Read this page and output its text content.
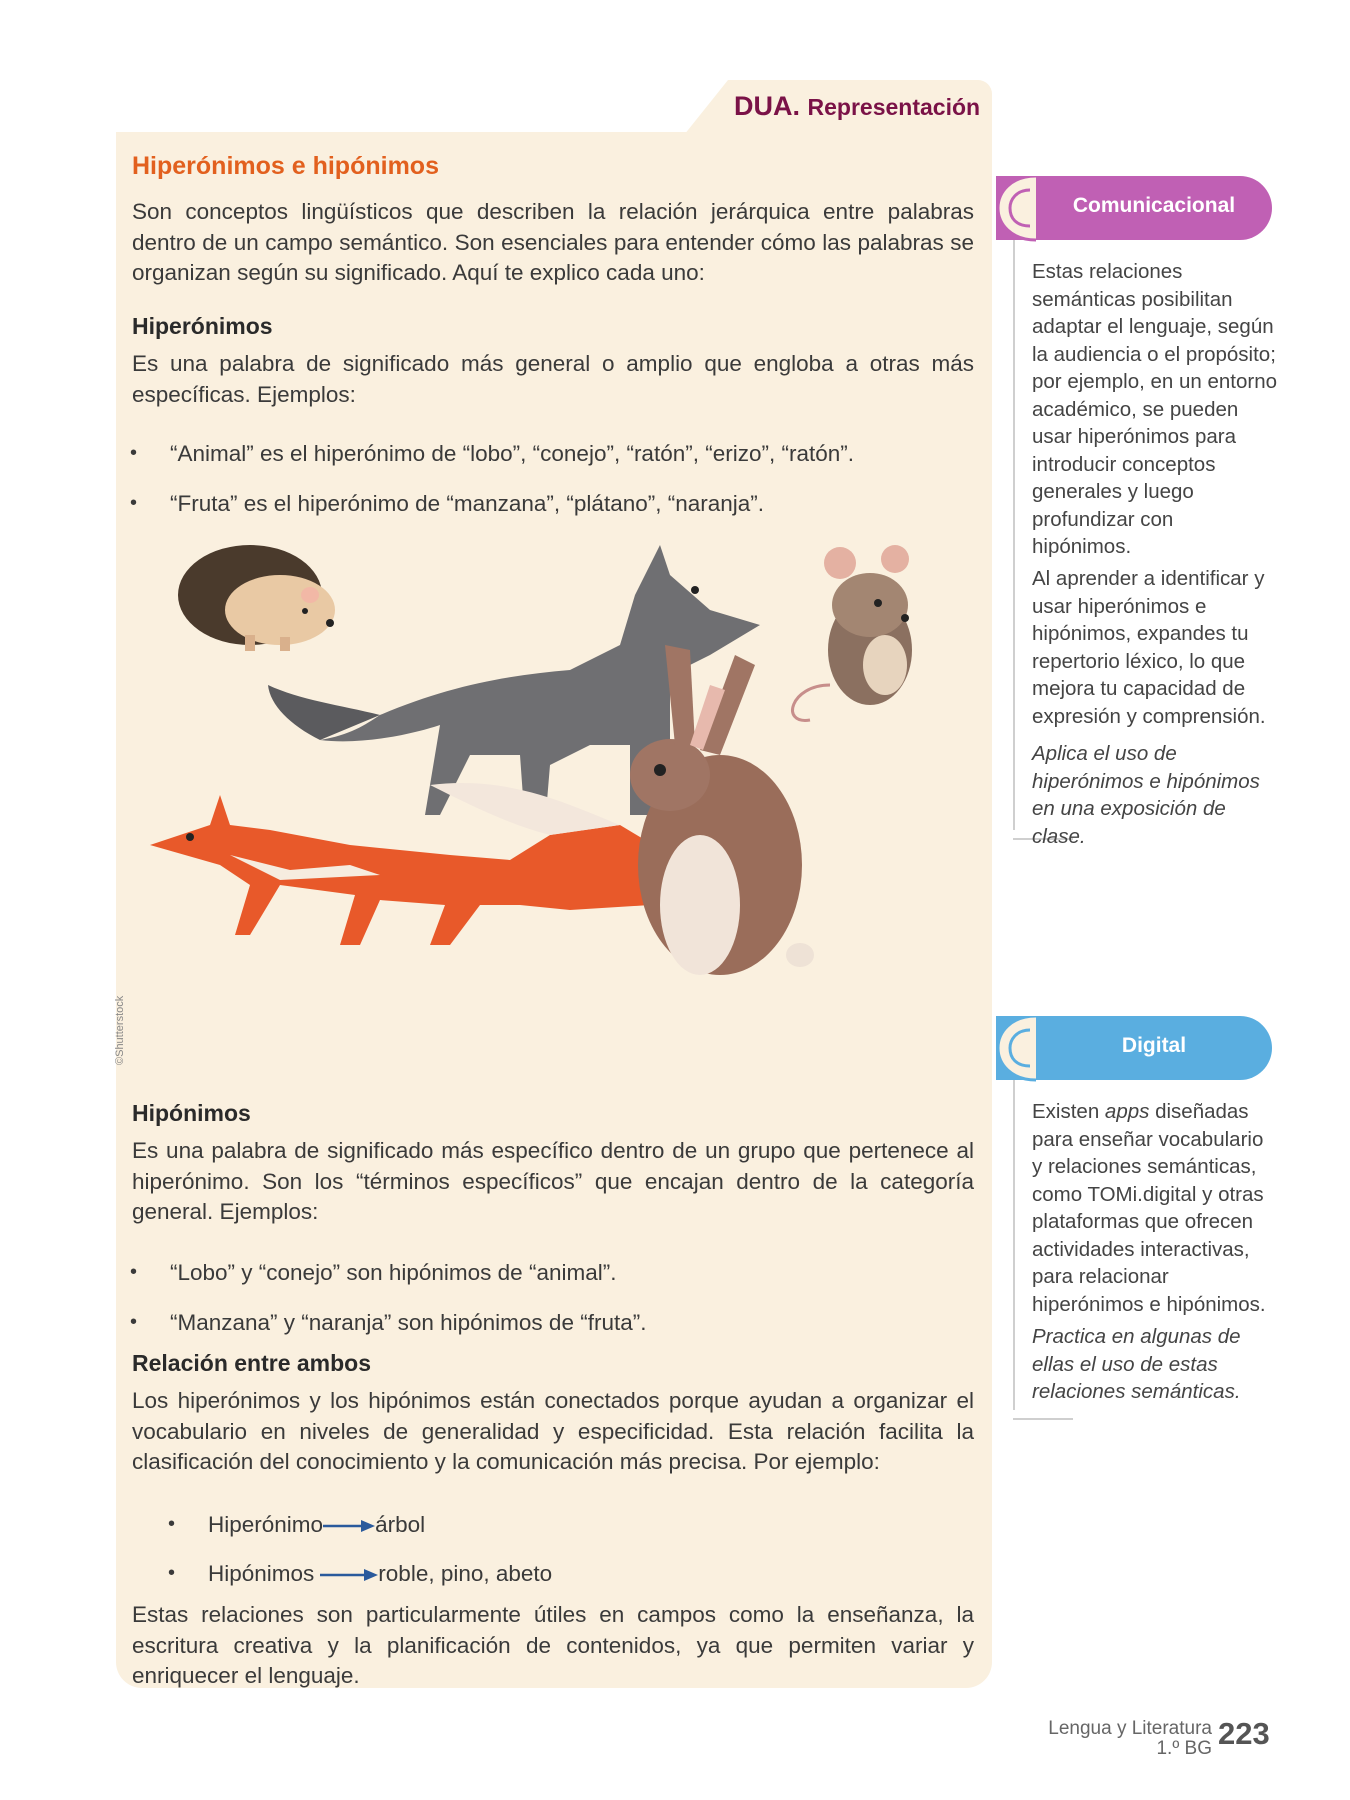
DUA. Representación
Hiperónimos e hipónimos
Son conceptos lingüísticos que describen la relación jerárquica entre palabras dentro de un campo semántico. Son esenciales para entender cómo las palabras se organizan según su significado. Aquí te explico cada uno:
Hiperónimos
Es una palabra de significado más general o amplio que engloba a otras más específicas. Ejemplos:
• “Animal” es el hiperónimo de “lobo”, “conejo”, “ratón”, “erizo”, “ratón”.
• “Fruta” es el hiperónimo de “manzana”, “plátano”, “naranja”.
©Shutterstock
Hipónimos
Es una palabra de significado más específico dentro de un grupo que pertenece al hiperónimo. Son los “términos específicos” que encajan dentro de la categoría general. Ejemplos:
• “Lobo” y “conejo” son hipónimos de “animal”.
• “Manzana” y “naranja” son hipónimos de “fruta”.
Relación entre ambos
Los hiperónimos y los hipónimos están conectados porque ayudan a organizar el vocabulario en niveles de generalidad y especificidad. Esta relación facilita la clasificación del conocimiento y la comunicación más precisa. Por ejemplo:
• Hiperónimo árbol
• Hipónimos	roble, pino, abeto
Estas relaciones son particularmente útiles en campos como la enseñanza, la escritura creativa y la planificación de contenidos, ya que permiten variar y enriquecer el lenguaje.
Comunicacional
Estas relaciones semánticas posibilitan adaptar el lenguaje, según la audiencia o el propósito; por ejemplo, en un entorno académico, se pueden usar hiperónimos para introducir conceptos generales y luego profundizar con hipónimos.
Al aprender a identificar y usar hiperónimos e hipónimos, expandes tu repertorio léxico, lo que mejora tu capacidad de expresión y comprensión.
Aplica el uso de hiperónimos e hipónimos en una exposición de clase.
Digital
Existen apps diseñadas para enseñar vocabulario y relaciones semánticas, como TOMi.digital y otras plataformas que ofrecen actividades interactivas, para relacionar hiperónimos e hipónimos.
Practica en algunas de ellas el uso de estas relaciones semánticas.
Lengua y Literatura
1.º BG 223
